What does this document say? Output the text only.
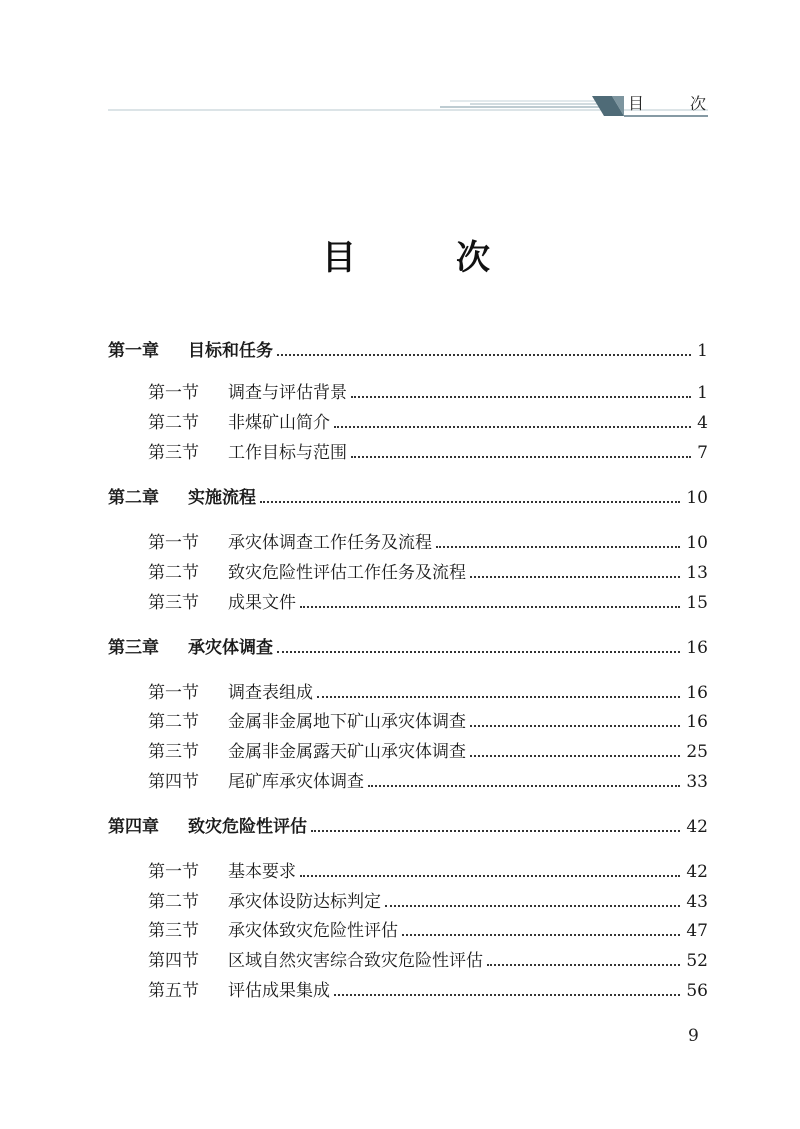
目	次
目	次
第一章	目标和任务	1
第一节	调查与评估背景	1
第二节	非煤矿山简介	4
第三节	工作目标与范围	7
第二章	实施流程	10
第一节	承灾体调查工作任务及流程	10
第二节	致灾危险性评估工作任务及流程	13
第三节	成果文件	15
第三章	承灾体调查	16
第一节	调查表组成	16
第二节	金属非金属地下矿山承灾体调查	16
第三节	金属非金属露天矿山承灾体调查	25
第四节	尾矿库承灾体调查	33
第四章	致灾危险性评估	42
第一节	基本要求	42
第二节	承灾体设防达标判定	43
第三节	承灾体致灾危险性评估	47
第四节	区域自然灾害综合致灾危险性评估	52
第五节	评估成果集成	56
9
